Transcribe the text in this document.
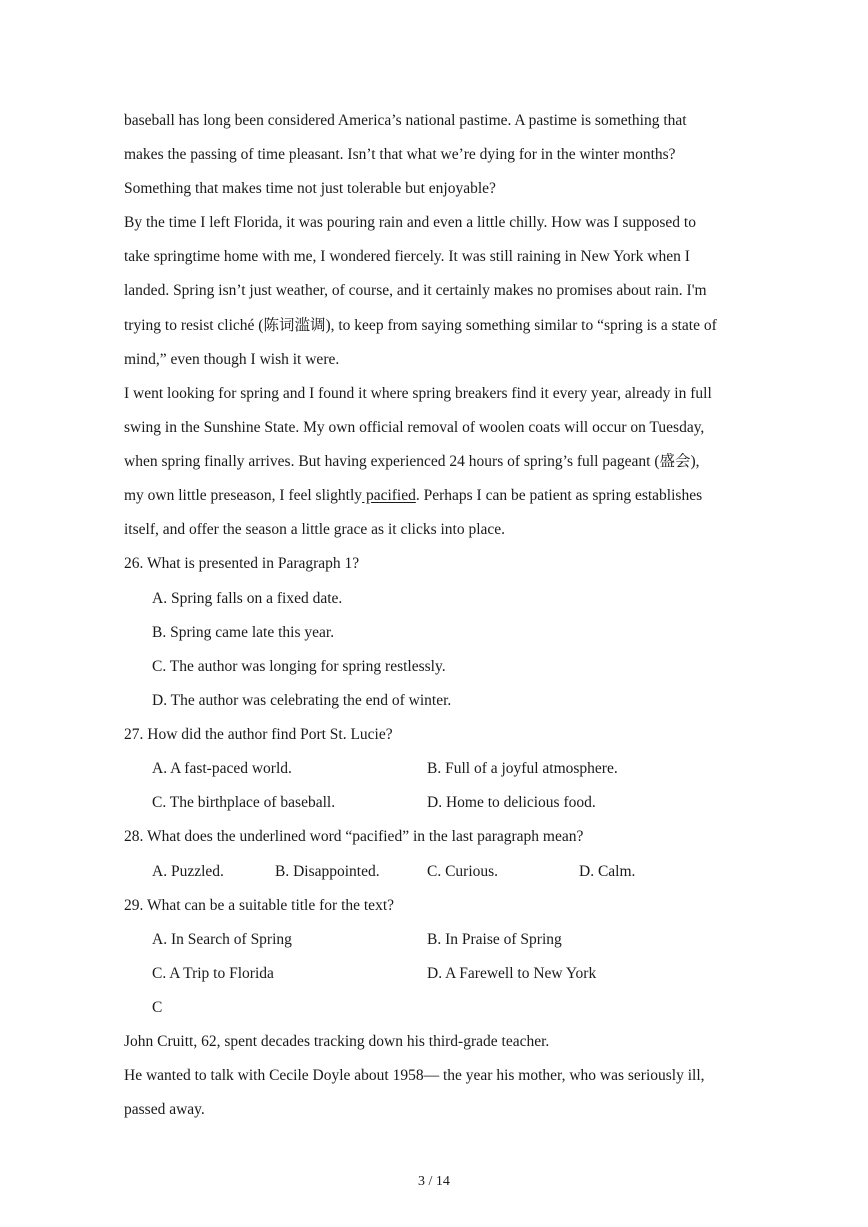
baseball has long been considered America’s national pastime. A pastime is something that
makes the passing of time pleasant. Isn’t that what we’re dying for in the winter months?
Something that makes time not just tolerable but enjoyable?
By the time I left Florida, it was pouring rain and even a little chilly. How was I supposed to
take springtime home with me, I wondered fiercely. It was still raining in New York when I
landed. Spring isn’t just weather, of course, and it certainly makes no promises about rain. I'm
trying to resist cliché (陈词滥调), to keep from saying something similar to “spring is a state of
mind,” even though I wish it were.
I went looking for spring and I found it where spring breakers find it every year, already in full
swing in the Sunshine State. My own official removal of woolen coats will occur on Tuesday,
when spring finally arrives. But having experienced 24 hours of spring’s full pageant (盛会),
my own little preseason, I feel slightly pacified. Perhaps I can be patient as spring establishes
itself, and offer the season a little grace as it clicks into place.
26. What is presented in Paragraph 1?
A. Spring falls on a fixed date.
B. Spring came late this year.
C. The author was longing for spring restlessly.
D. The author was celebrating the end of winter.
27. How did the author find Port St. Lucie?
A. A fast-paced world.	B. Full of a joyful atmosphere.
C. The birthplace of baseball.	D. Home to delicious food.
28. What does the underlined word “pacified” in the last paragraph mean?
A. Puzzled.	B. Disappointed.	C. Curious.	D. Calm.
29. What can be a suitable title for the text?
A. In Search of Spring	B. In Praise of Spring
C. A Trip to Florida	D. A Farewell to New York
C
John Cruitt, 62, spent decades tracking down his third-grade teacher.
He wanted to talk with Cecile Doyle about 1958— the year his mother, who was seriously ill,
passed away.
3 / 14
